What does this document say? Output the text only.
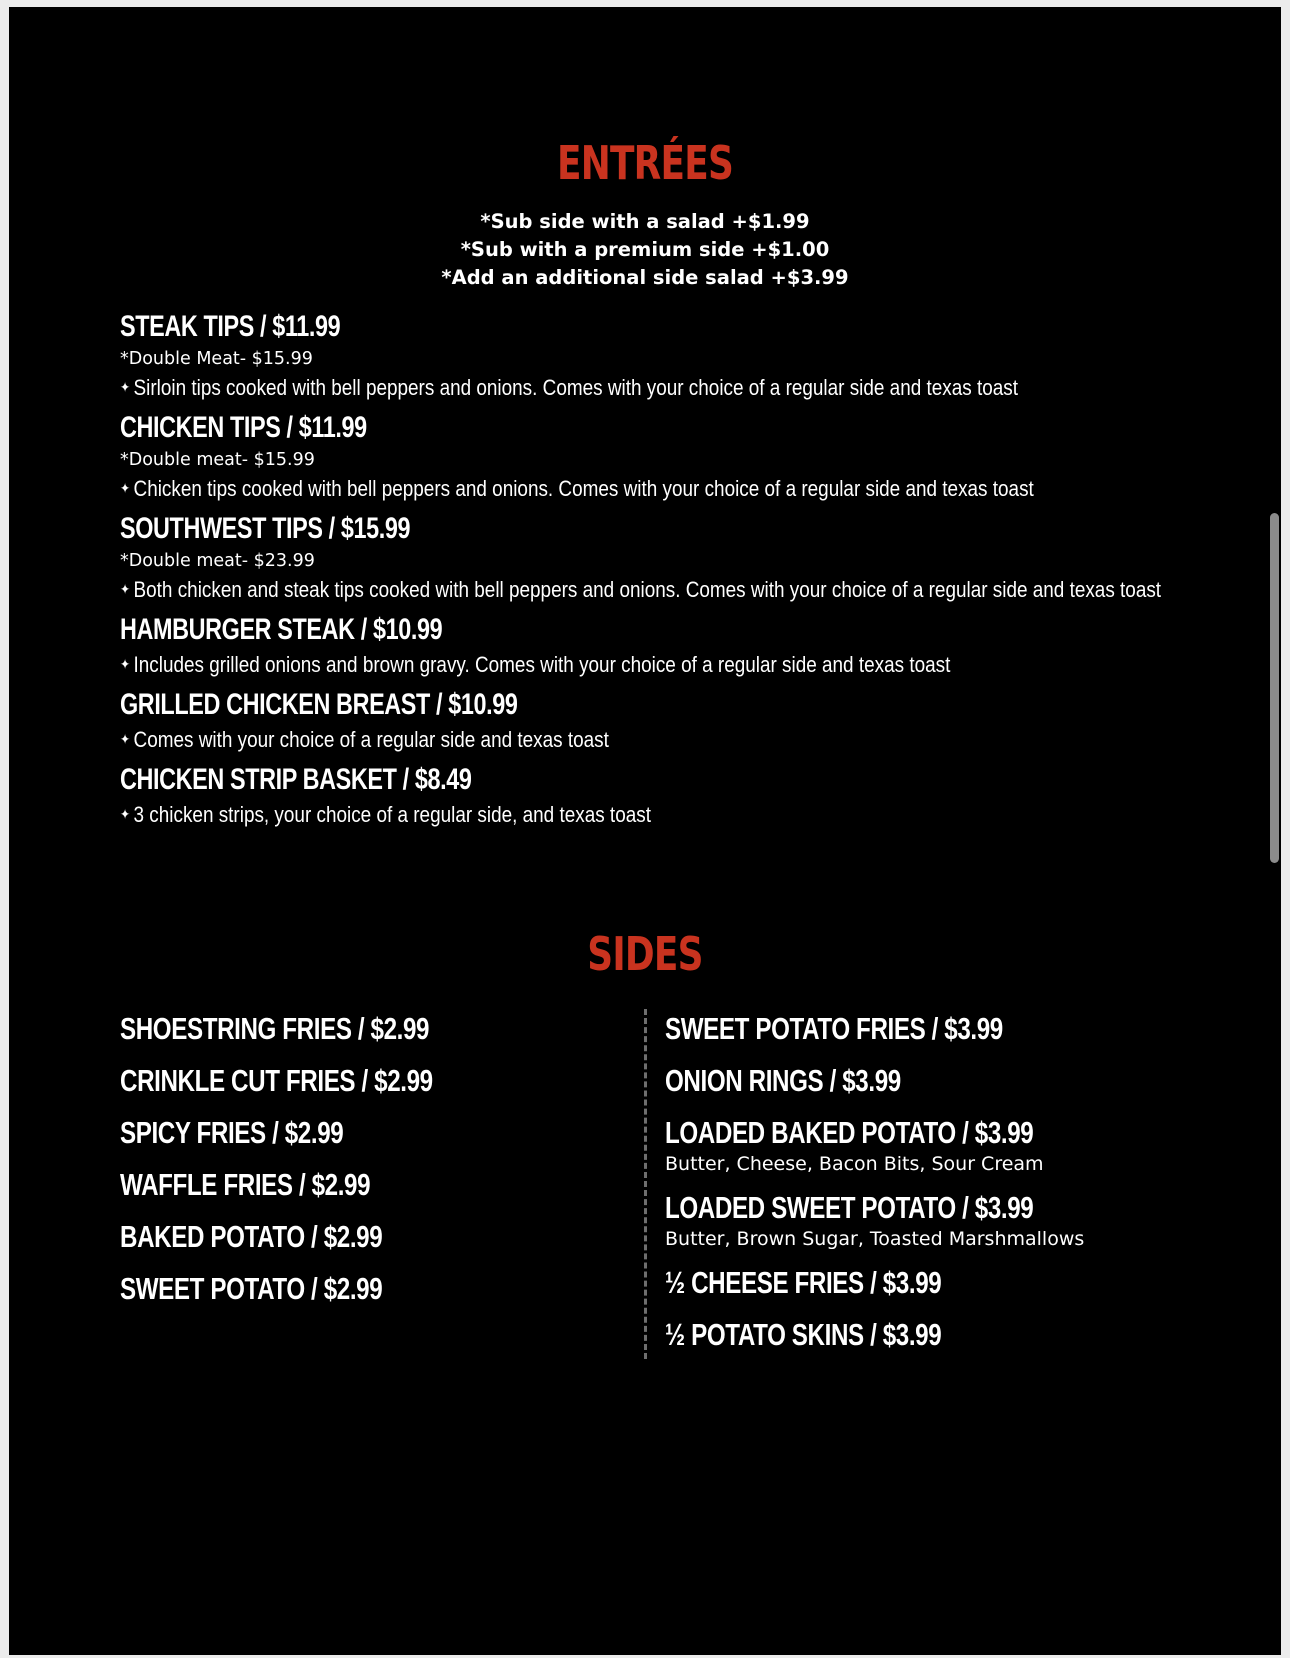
ENTRÉES
*Sub side with a salad +$1.99
*Sub with a premium side +$1.00
*Add an additional side salad +$3.99
STEAK TIPS / $11.99
*Double Meat- $15.99
✦ Sirloin tips cooked with bell peppers and onions. Comes with your choice of a regular side and texas toast
CHICKEN TIPS / $11.99
*Double meat- $15.99
✦ Chicken tips cooked with bell peppers and onions. Comes with your choice of a regular side and texas toast
SOUTHWEST TIPS / $15.99
*Double meat- $23.99
✦ Both chicken and steak tips cooked with bell peppers and onions. Comes with your choice of a regular side and texas toast
HAMBURGER STEAK / $10.99
✦ Includes grilled onions and brown gravy. Comes with your choice of a regular side and texas toast
GRILLED CHICKEN BREAST / $10.99
✦ Comes with your choice of a regular side and texas toast
CHICKEN STRIP BASKET / $8.49
✦ 3 chicken strips, your choice of a regular side, and texas toast
SIDES
SHOESTRING FRIES / $2.99
CRINKLE CUT FRIES / $2.99
SPICY FRIES / $2.99
WAFFLE FRIES / $2.99
BAKED POTATO / $2.99
SWEET POTATO / $2.99
SWEET POTATO FRIES / $3.99
ONION RINGS / $3.99
LOADED BAKED POTATO / $3.99
Butter, Cheese, Bacon Bits, Sour Cream
LOADED SWEET POTATO / $3.99
Butter, Brown Sugar, Toasted Marshmallows
½ CHEESE FRIES / $3.99
½ POTATO SKINS / $3.99
